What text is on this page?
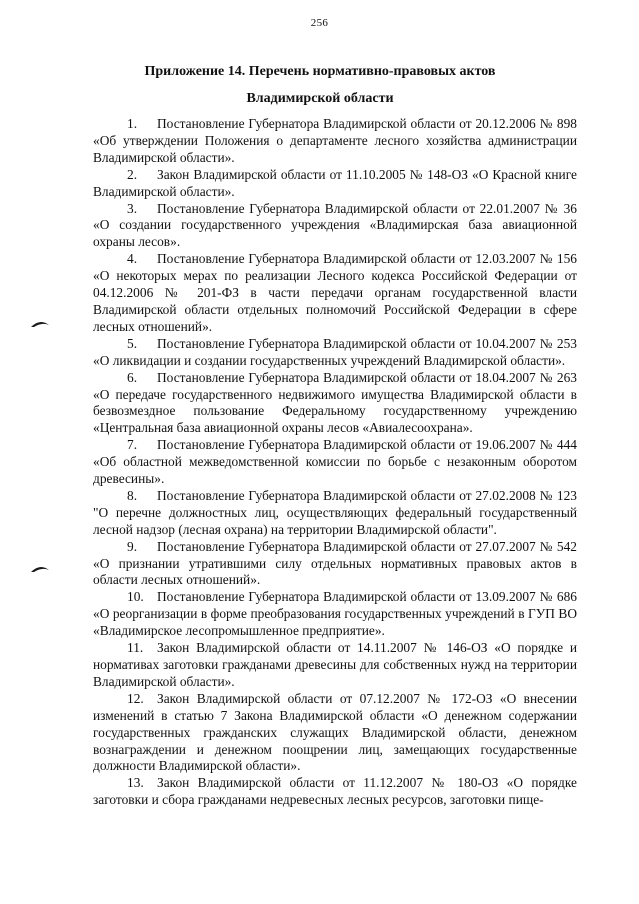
256
Приложение 14. Перечень нормативно-правовых актов
Владимирской области

1. Постановление Губернатора Владимирской области от 20.12.2006 № 898 «Об утверждении Положения о департаменте лесного хозяйства администрации Владимирской области».

2. Закон Владимирской области от 11.10.2005 № 148-ОЗ «О Красной книге Владимирской области».

3. Постановление Губернатора Владимирской области от 22.01.2007 № 36 «О создании государственного учреждения «Владимирская база авиационной охраны лесов».

4. Постановление Губернатора Владимирской области от 12.03.2007 № 156 «О некоторых мерах по реализации Лесного кодекса Российской Федерации от 04.12.2006 № 201-ФЗ в части передачи органам государственной власти Владимирской области отдельных полномочий Российской Федерации в сфере лесных отношений».

5. Постановление Губернатора Владимирской области от 10.04.2007 № 253 «О ликвидации и создании государственных учреждений Владимирской области».

6. Постановление Губернатора Владимирской области от 18.04.2007 № 263 «О передаче государственного недвижимого имущества Владимирской области в безвозмездное пользование Федеральному государственному учреждению «Центральная база авиационной охраны лесов «Авиалесоохрана».

7. Постановление Губернатора Владимирской области от 19.06.2007 № 444 «Об областной межведомственной комиссии по борьбе с незаконным оборотом древесины».

8. Постановление Губернатора Владимирской области от 27.02.2008 № 123 "О перечне должностных лиц, осуществляющих федеральный государственный лесной надзор (лесная охрана) на территории Владимирской области".

9. Постановление Губернатора Владимирской области от 27.07.2007 № 542 «О признании утратившими силу отдельных нормативных правовых актов в области лесных отношений».

10. Постановление Губернатора Владимирской области от 13.09.2007 № 686 «О реорганизации в форме преобразования государственных учреждений в ГУП ВО «Владимирское лесопромышленное предприятие».

11. Закон Владимирской области от 14.11.2007 № 146-ОЗ «О порядке и нормативах заготовки гражданами древесины для собственных нужд на территории Владимирской области».

12. Закон Владимирской области от 07.12.2007 № 172-ОЗ «О внесении изменений в статью 7 Закона Владимирской области «О денежном содержании государственных гражданских служащих Владимирской области, денежном вознаграждении и денежном поощрении лиц, замещающих государственные должности Владимирской области».

13. Закон Владимирской области от 11.12.2007 № 180-ОЗ «О порядке заготовки и сбора гражданами недревесных лесных ресурсов, заготовки пище-
